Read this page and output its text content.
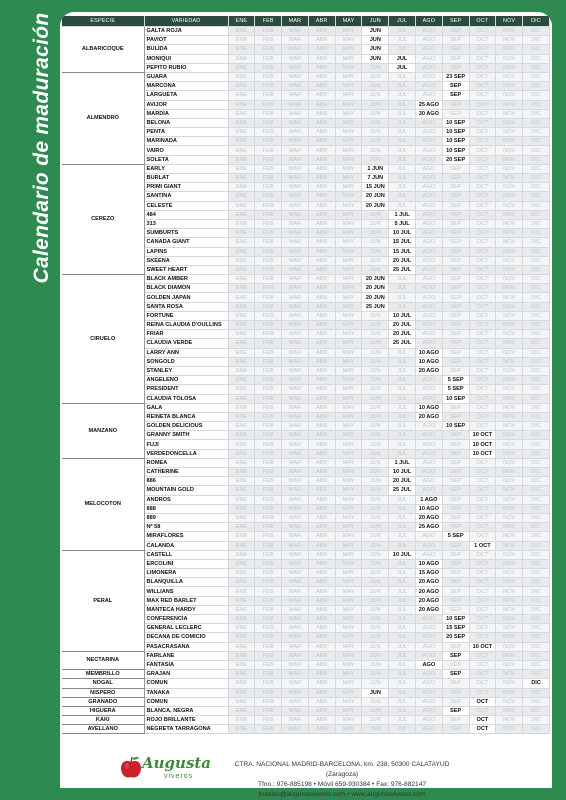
Calendario de maduración	ESPECIE	VARIEDAD	ENE	FEB	MAR	ABR	MAY	JUN	JUL	AGO	SEP	OCT	NOV	DIC
ALBARICOQUE	GALTA ROJA	ENE	FEB	MAR	ABR	MAY	JUN	JUL	AGO	SEP	OCT	NOV	DIC
	PAVIOT	ENE	FEB	MAR	ABR	MAY	JUN	JUL	AGO	SEP	OCT	NOV	DIC
	BULIDA	ENE	FEB	MAR	ABR	MAY	JUN	JUL	AGO	SEP	OCT	NOV	DIC
	MONIQUI	ENE	FEB	MAR	ABR	MAY	JUN	JUL	AGO	SEP	OCT	NOV	DIC
	PEPITO RUBIO	ENE	FEB	MAR	ABR	MAY	JUN	JUL	AGO	SEP	OCT	NOV	DIC
ALMENDRO	GUARA	ENE	FEB	MAR	ABR	MAY	JUN	JUL	AGO	23 SEP	OCT	NOV	DIC
	MARCONA	ENE	FEB	MAR	ABR	MAY	JUN	JUL	AGO	SEP	OCT	NOV	DIC
	LARGUETA	ENE	FEB	MAR	ABR	MAY	JUN	JUL	AGO	SEP	OCT	NOV	DIC
	AVIJOR	ENE	FEB	MAR	ABR	MAY	JUN	JUL	25 AGO	SEP	OCT	NOV	DIC
	MARDIA	ENE	FEB	MAR	ABR	MAY	JUN	JUL	30 AGO	SEP	OCT	NOV	DIC
	BELONA	ENE	FEB	MAR	ABR	MAY	JUN	JUL	AGO	10 SEP	OCT	NOV	DIC
	PENTA	ENE	FEB	MAR	ABR	MAY	JUN	JUL	AGO	10 SEP	OCT	NOV	DIC
	MARINADA	ENE	FEB	MAR	ABR	MAY	JUN	JUL	AGO	10 SEP	OCT	NOV	DIC
	VAIRO	ENE	FEB	MAR	ABR	MAY	JUN	JUL	AGO	10 SEP	OCT	NOV	DIC
	SOLETA	ENE	FEB	MAR	ABR	MAY	JUN	JUL	AGO	20 SEP	OCT	NOV	DIC
CEREZO	EARLY	ENE	FEB	MAR	ABR	MAY	1 JUN	JUL	AGO	SEP	OCT	NOV	DIC
	BURLAT	ENE	FEB	MAR	ABR	MAY	7 JUN	JUL	AGO	SEP	OCT	NOV	DIC
	PRIMI GIANT	ENE	FEB	MAR	ABR	MAY	15 JUN	JUL	AGO	SEP	OCT	NOV	DIC
	SANTINA	ENE	FEB	MAR	ABR	MAY	20 JUN	JUL	AGO	SEP	OCT	NOV	DIC
	CELESTE	ENE	FEB	MAR	ABR	MAY	20 JUN	JUL	AGO	SEP	OCT	NOV	DIC
	484	ENE	FEB	MAR	ABR	MAY	JUN	1 JUL	AGO	SEP	OCT	NOV	DIC
	313	ENE	FEB	MAR	ABR	MAY	JUN	5 JUL	AGO	SEP	OCT	NOV	DIC
	SUMBURTS	ENE	FEB	MAR	ABR	MAY	JUN	10 JUL	AGO	SEP	OCT	NOV	DIC
	CANADA GIANT	ENE	FEB	MAR	ABR	MAY	JUN	15 JUL	AGO	SEP	OCT	NOV	DIC
	LAPINS	ENE	FEB	MAR	ABR	MAY	JUN	15 JUL	AGO	SEP	OCT	NOV	DIC
	SKEENA	ENE	FEB	MAR	ABR	MAY	JUN	20 JUL	AGO	SEP	OCT	NOV	DIC
	SWEET HEART	ENE	FEB	MAR	ABR	MAY	JUN	25 JUL	AGO	SEP	OCT	NOV	DIC
CIRUELO	BLACK AMBER	ENE	FEB	MAR	ABR	MAY	20 JUN	JUL	AGO	SEP	OCT	NOV	DIC
	BLACK DIAMON	ENE	FEB	MAR	ABR	MAY	20 JUN	JUL	AGO	SEP	OCT	NOV	DIC
	GOLDEN JAPAN	ENE	FEB	MAR	ABR	MAY	20 JUN	JUL	AGO	SEP	OCT	NOV	DIC
	SANTA ROSA	ENE	FEB	MAR	ABR	MAY	25 JUN	JUL	AGO	SEP	OCT	NOV	DIC
	FORTUNE	ENE	FEB	MAR	ABR	MAY	JUN	10 JUL	AGO	SEP	OCT	NOV	DIC
	REINA CLAUDIA D'OULLINS	ENE	FEB	MAR	ABR	MAY	JUN	20 JUL	AGO	SEP	OCT	NOV	DIC
	FRIAR	ENE	FEB	MAR	ABR	MAY	JUN	20 JUL	AGO	SEP	OCT	NOV	DIC
	CLAUDIA VERDE	ENE	FEB	MAR	ABR	MAY	JUN	25 JUL	AGO	SEP	OCT	NOV	DIC
	LARRY ANN	ENE	FEB	MAR	ABR	MAY	JUN	JUL	10 AGO	SEP	OCT	NOV	DIC
	SONGOLD	ENE	FEB	MAR	ABR	MAY	JUN	JUL	10 AGO	SEP	OCT	NOV	DIC
	STANLEY	ENE	FEB	MAR	ABR	MAY	JUN	JUL	20 AGO	SEP	OCT	NOV	DIC
	ANGELENO	ENE	FEB	MAR	ABR	MAY	JUN	JUL	AGO	5 SEP	OCT	NOV	DIC
	PRESIDENT	ENE	FEB	MAR	ABR	MAY	JUN	JUL	AGO	5 SEP	OCT	NOV	DIC
	CLAUDIA TOLOSA	ENE	FEB	MAR	ABR	MAY	JUN	JUL	AGO	10 SEP	OCT	NOV	DIC
MANZANO	GALA	ENE	FEB	MAR	ABR	MAY	JUN	JUL	10 AGO	SEP	OCT	NOV	DIC
	REINETA BLANCA	ENE	FEB	MAR	ABR	MAY	JUN	JUL	20 AGO	SEP	OCT	NOV	DIC
	GOLDEN DELICIOUS	ENE	FEB	MAR	ABR	MAY	JUN	JUL	AGO	10 SEP	OCT	NOV	DIC
	GRANNY SMITH	ENE	FEB	MAR	ABR	MAY	JUN	JUL	AGO	SEP	10 OCT	NOV	DIC
	FUJI	ENE	FEB	MAR	ABR	MAY	JUN	JUL	AGO	SEP	10 OCT	NOV	DIC
	VERDEDONCELLA	ENE	FEB	MAR	ABR	MAY	JUN	JUL	AGO	SEP	10 OCT	NOV	DIC
MELOCOTON	ROMEA	ENE	FEB	MAR	ABR	MAY	JUN	1 JUL	AGO	SEP	OCT	NOV	DIC
	CATHERINE	ENE	FEB	MAR	ABR	MAY	JUN	10 JUL	AGO	SEP	OCT	NOV	DIC
	886	ENE	FEB	MAR	ABR	MAY	JUN	20 JUL	AGO	SEP	OCT	NOV	DIC
	MOUNTAIN GOLD	ENE	FEB	MAR	ABR	MAY	JUN	25 JUL	AGO	SEP	OCT	NOV	DIC
	ANDROS	ENE	FEB	MAR	ABR	MAY	JUN	JUL	1 AGO	SEP	OCT	NOV	DIC
	888	ENE	FEB	MAR	ABR	MAY	JUN	JUL	10 AGO	SEP	OCT	NOV	DIC
	889	ENE	FEB	MAR	ABR	MAY	JUN	JUL	20 AGO	SEP	OCT	NOV	DIC
	Nº 58	ENE	FEB	MAR	ABR	MAY	JUN	JUL	25 AGO	SEP	OCT	NOV	DIC
	MIRAFLORES	ENE	FEB	MAR	ABR	MAY	JUN	JUL	AGO	5 SEP	OCT	NOV	DIC
	CALANDA	ENE	FEB	MAR	ABR	MAY	JUN	JUL	AGO	SEP	1 OCT	NOV	DIC
PERAL	CASTELL	ENE	FEB	MAR	ABR	MAY	JUN	10 JUL	AGO	SEP	OCT	NOV	DIC
	ERCOLINI	ENE	FEB	MAR	ABR	MAY	JUN	JUL	10 AGO	SEP	OCT	NOV	DIC
	LIMONERA	ENE	FEB	MAR	ABR	MAY	JUN	JUL	15 AGO	SEP	OCT	NOV	DIC
	BLANQUILLA	ENE	FEB	MAR	ABR	MAY	JUN	JUL	20 AGO	SEP	OCT	NOV	DIC
	WILLIANS	ENE	FEB	MAR	ABR	MAY	JUN	JUL	20 AGO	SEP	OCT	NOV	DIC
	MAX RED BARLET	ENE	FEB	MAR	ABR	MAY	JUN	JUL	20 AGO	SEP	OCT	NOV	DIC
	MANTECA HARDY	ENE	FEB	MAR	ABR	MAY	JUN	JUL	20 AGO	SEP	OCT	NOV	DIC
	CONFERENCIA	ENE	FEB	MAR	ABR	MAY	JUN	JUL	AGO	10 SEP	OCT	NOV	DIC
	GENERAL LECLERC	ENE	FEB	MAR	ABR	MAY	JUN	JUL	AGO	15 SEP	OCT	NOV	DIC
	DECANA DE COMICIO	ENE	FEB	MAR	ABR	MAY	JUN	JUL	AGO	20 SEP	OCT	NOV	DIC
	PASACRASANA	ENE	FEB	MAR	ABR	MAY	JUN	JUL	AGO	SEP	10 OCT	NOV	DIC
NECTARINA	FAIRLANE	ENE	FEB	MAR	ABR	MAY	JUN	JUL	AGO	SEP	OCT	NOV	DIC
	FANTASIA	ENE	FEB	MAR	ABR	MAY	JUN	JUL	AGO	SEP	OCT	NOV	DIC
MEMBRILLO	GRAJAN	ENE	FEB	MAR	ABR	MAY	JUN	JUL	AGO	SEP	OCT	NOV	DIC
NOGAL	COMUN	ENE	FEB	MAR	ABR	MAY	JUN	JUL	AGO	SEP	OCT	NOV	DIC
NISPERO	TANAKA	ENE	FEB	MAR	ABR	MAY	JUN	JUL	AGO	SEP	OCT	NOV	DIC
GRANADO	COMUN	ENE	FEB	MAR	ABR	MAY	JUN	JUL	AGO	SEP	OCT	NOV	DIC
HIGUERA	BLANCA, NEGRA	ENE	FEB	MAR	ABR	MAY	JUN	JUL	AGO	SEP	OCT	NOV	DIC
KAKI	ROJO BRILLANTE	ENE	FEB	MAR	ABR	MAY	JUN	JUL	AGO	SEP	OCT	NOV	DIC
AVELLANO	NEGRETA TARRAGONA	ENE	FEB	MAR	ABR	MAY	JUN	JUL	AGO	SEP	OCT	NOV	DIC
Augusta
viveros
CTRA. NACIONAL MADRID-BARCELONA, km. 238, 50300 CALATAYUD (Zaragoza)
Tfno.: 976-885198 • Móvil 659-930384 • Fax: 976-882147
frutales@augustaviveros.com • www.augustaviveros.com
